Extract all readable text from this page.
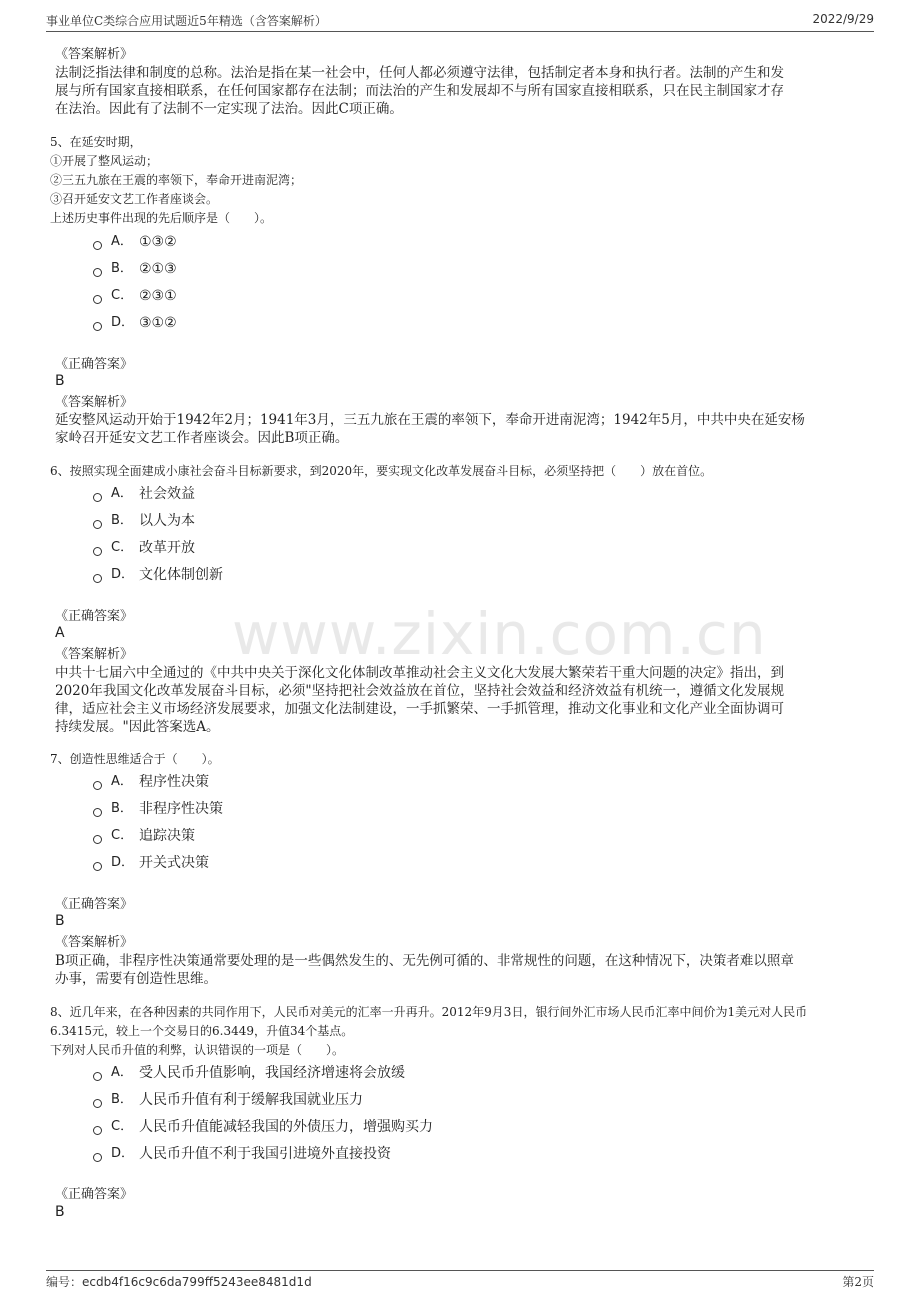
事业单位C类综合应用试题近5年精选（含答案解析）	2022/9/29
www.zixin.com.cn
《答案解析》
法制泛指法律和制度的总称。法治是指在某一社会中，任何人都必须遵守法律，包括制定者本身和执行者。法制的产生和发
展与所有国家直接相联系，在任何国家都存在法制；而法治的产生和发展却不与所有国家直接相联系，只在民主制国家才存
在法治。因此有了法制不一定实现了法治。因此C项正确。
5、在延安时期，
①开展了整风运动；
②三五九旅在王震的率领下，奉命开进南泥湾；
③召开延安文艺工作者座谈会。
上述历史事件出现的先后顺序是（　　）。
A． ①③②
B． ②①③
C． ②③①
D． ③①②
《正确答案》
B
《答案解析》
延安整风运动开始于1942年2月；1941年3月，三五九旅在王震的率领下，奉命开进南泥湾；1942年5月，中共中央在延安杨
家岭召开延安文艺工作者座谈会。因此B项正确。
6、按照实现全面建成小康社会奋斗目标新要求，到2020年，要实现文化改革发展奋斗目标，必须坚持把（　　）放在首位。
A． 社会效益
B． 以人为本
C． 改革开放
D． 文化体制创新
《正确答案》
A
《答案解析》
中共十七届六中全通过的《中共中央关于深化文化体制改革推动社会主义文化大发展大繁荣若干重大问题的决定》指出，到
2020年我国文化改革发展奋斗目标，必须"坚持把社会效益放在首位，坚持社会效益和经济效益有机统一，遵循文化发展规
律，适应社会主义市场经济发展要求，加强文化法制建设，一手抓繁荣、一手抓管理，推动文化事业和文化产业全面协调可
持续发展。"因此答案选A。
7、创造性思维适合于（　　）。
A． 程序性决策
B． 非程序性决策
C． 追踪决策
D． 开关式决策
《正确答案》
B
《答案解析》
B项正确，非程序性决策通常要处理的是一些偶然发生的、无先例可循的、非常规性的问题，在这种情况下，决策者难以照章
办事，需要有创造性思维。
8、近几年来，在各种因素的共同作用下，人民币对美元的汇率一升再升。2012年9月3日，银行间外汇市场人民币汇率中间价为1美元对人民币
6.3415元，较上一个交易日的6.3449，升值34个基点。
下列对人民币升值的利弊，认识错误的一项是（　　）。
A． 受人民币升值影响，我国经济增速将会放缓
B． 人民币升值有利于缓解我国就业压力
C． 人民币升值能减轻我国的外债压力，增强购买力
D． 人民币升值不利于我国引进境外直接投资
《正确答案》
B
编号：ecdb4f16c9c6da799ff5243ee8481d1d	第2页
